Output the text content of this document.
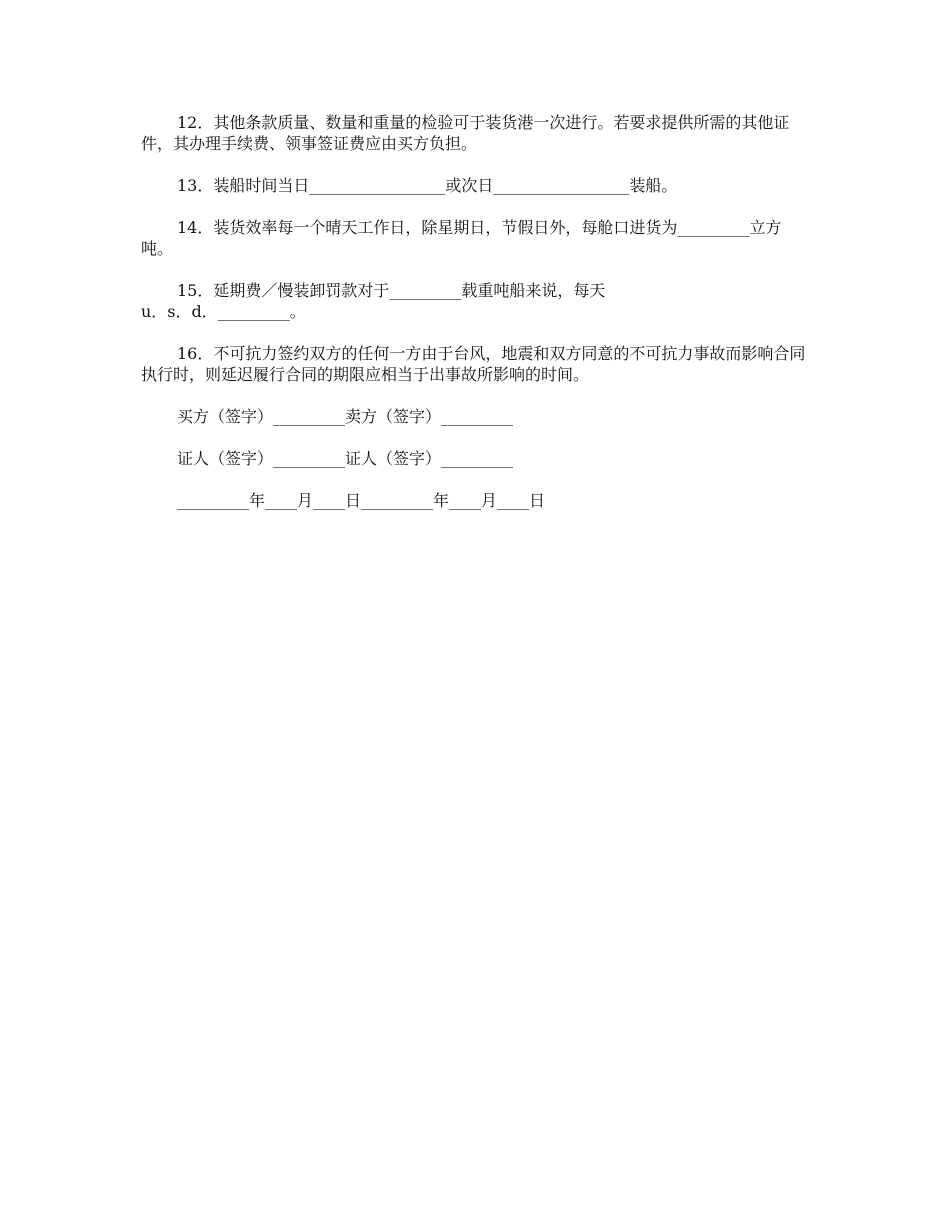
12．其他条款质量、数量和重量的检验可于装货港一次进行。若要求提供所需的其他证件，其办理手续费、领事签证费应由买方负担。

13．装船时间当日_________________或次日_________________装船。

14．装货效率每一个晴天工作日，除星期日，节假日外，每舱口进货为_________立方吨。

15．延期费／慢装卸罚款对于_________载重吨船来说，每天

u．s．d．_________。

16．不可抗力签约双方的任何一方由于台风，地震和双方同意的不可抗力事故而影响合同执行时，则延迟履行合同的期限应相当于出事故所影响的时间。

买方（签字）_________卖方（签字）_________
证人（签字）_________证人（签字）_________
_________年____月____日_________年____月____日
